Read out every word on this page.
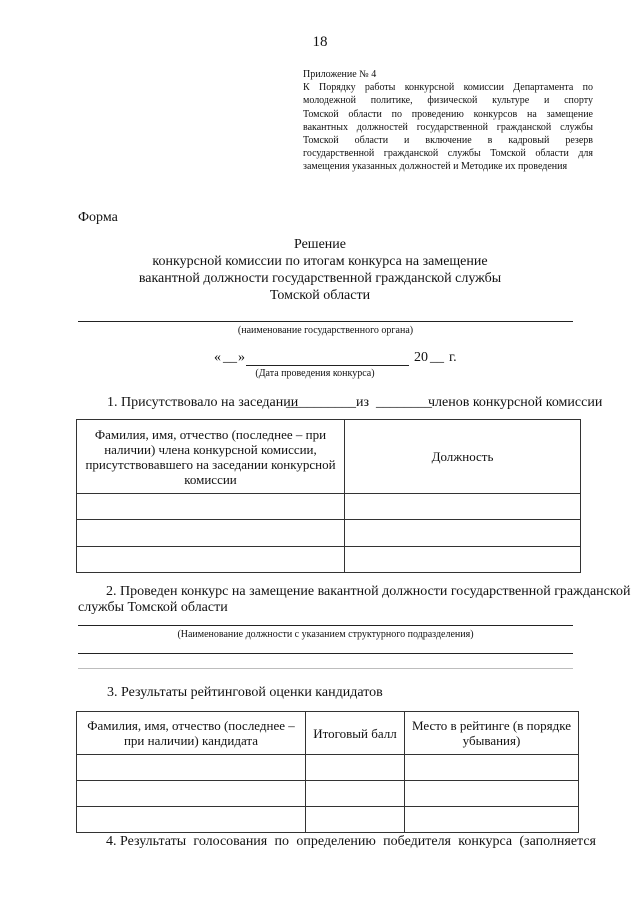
18
Приложение № 4
К Порядку работы конкурсной комиссии Департамента по
молодежной политике, физической культуре и спорту
Томской области по проведению конкурсов на замещение
вакантных должностей государственной гражданской службы
Томской области и включение в кадровый резерв
государственной гражданской службы Томской области для
замещения указанных должностей и Методике их проведения
Форма
Решение
конкурсной комиссии по итогам конкурса на замещение
вакантной должности государственной гражданской службы
Томской области
(наименование государственного органа)
« __ »	20 __ г.
(Дата проведения конкурса)
1. Присутствовало на заседании
__________ из ________
членов конкурсной комиссии
Фамилия, имя, отчество (последнее – при наличии) члена конкурсной комиссии, присутствовавшего на заседании конкурсной комиссии	Должность

2. Проведен конкурс на замещение вакантной должности государственной гражданской
службы Томской области
(Наименование должности с указанием структурного подразделения)
3. Результаты рейтинговой оценки кандидатов
Фамилия, имя, отчество (последнее – при наличии) кандидата	Итоговый балл	Место в рейтинге (в порядке убывания)

4. Результаты голосования по определению победителя конкурса (заполняется
